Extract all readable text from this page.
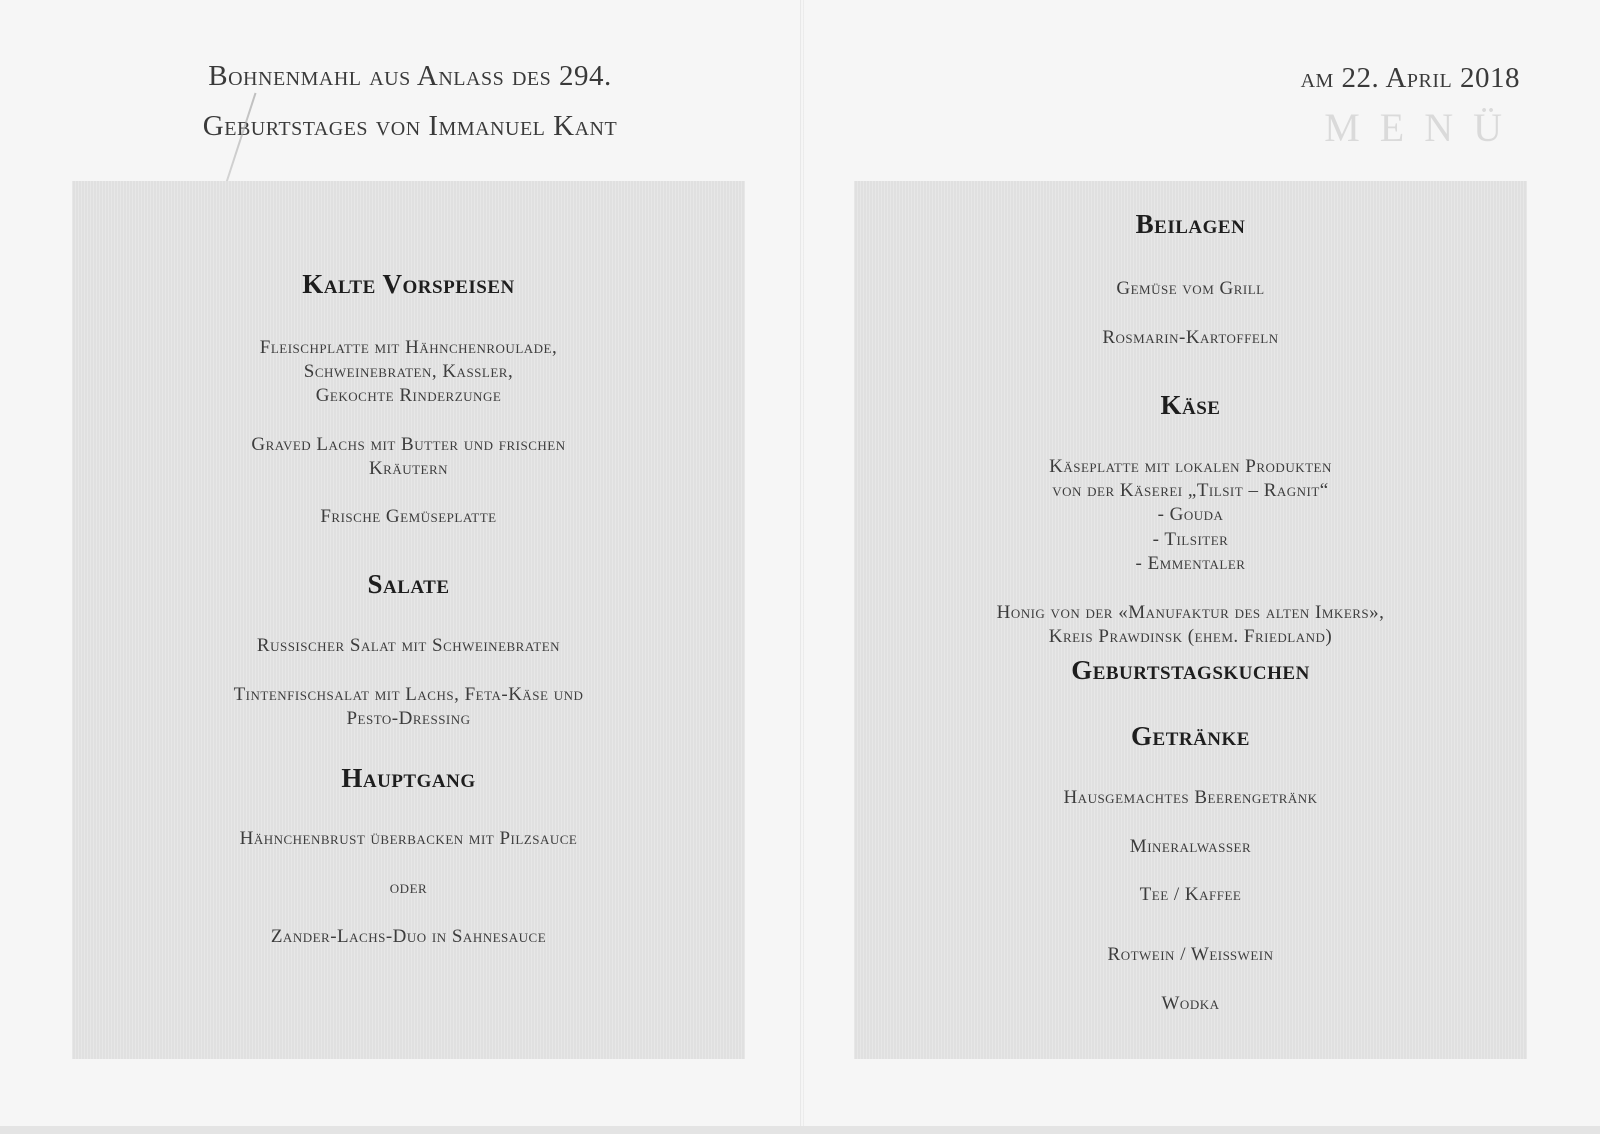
Bohnenmahl aus Anlass des 294.
Geburtstages von Immanuel Kant
Kalte Vorspeisen
Fleischplatte mit Hähnchenroulade,
Schweinebraten, Kassler,
Gekochte Rinderzunge
Graved Lachs mit Butter und frischen
Kräutern
Frische Gemüseplatte
Salate
Russischer Salat mit Schweinebraten
Tintenfischsalat mit Lachs, Feta-Käse und
Pesto-Dressing
Hauptgang
Hähnchenbrust überbacken mit Pilzsauce
oder
Zander-Lachs-Duo in Sahnesauce
am 22. April 2018
MENÜ
Beilagen
Gemüse vom Grill
Rosmarin-Kartoffeln
Käse
Käseplatte mit lokalen Produkten
von der Käserei „Tilsit – Ragnit“
- Gouda
- Tilsiter
- Emmentaler
Honig von der «Manufaktur des alten Imkers»,
Kreis Prawdinsk (ehem. Friedland)
Geburtstagskuchen
Getränke
Hausgemachtes Beerengetränk
Mineralwasser
Tee / Kaffee
Rotwein / Weißwein
Wodka
